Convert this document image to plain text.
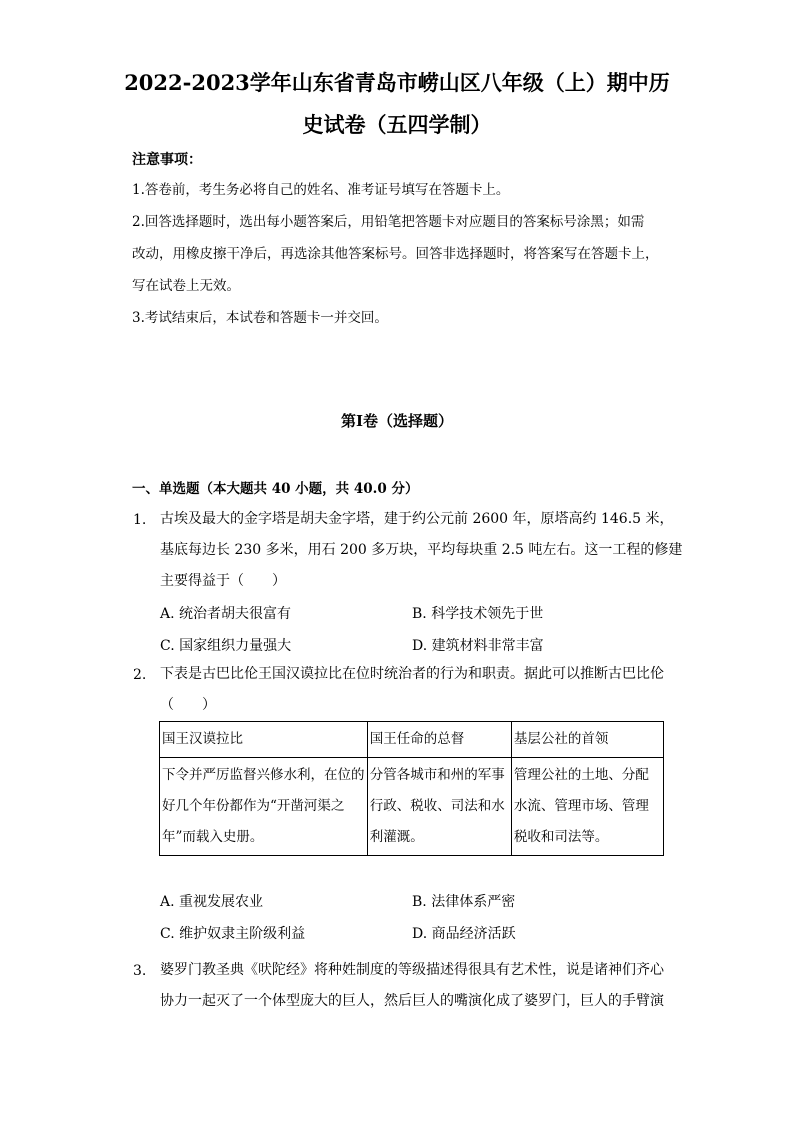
2022-2023学年山东省青岛市崂山区八年级（上）期中历
史试卷（五四学制）
注意事项：
1.答卷前，考生务必将自己的姓名、准考证号填写在答题卡上。
2.回答选择题时，选出每小题答案后，用铅笔把答题卡对应题目的答案标号涂黑；如需
改动，用橡皮擦干净后，再选涂其他答案标号。回答非选择题时，将答案写在答题卡上，
写在试卷上无效。
3.考试结束后，本试卷和答题卡一并交回。
第Ⅰ卷（选择题）
一、单选题（本大题共 40 小题，共 40.0 分）
1. 古埃及最大的金字塔是胡夫金字塔，建于约公元前 2600 年，原塔高约 146.5 米，
基底每边长 230 多米，用石 200 多万块，平均每块重 2.5 吨左右。这一工程的修建
主要得益于（　　）
A. 统治者胡夫很富有	B. 科学技术领先于世
C. 国家组织力量强大	D. 建筑材料非常丰富
2. 下表是古巴比伦王国汉谟拉比在位时统治者的行为和职责。据此可以推断古巴比伦
（　　）
国王汉谟拉比	国王任命的总督	基层公社的首领
下令并严厉监督兴修水利，在位的好几个年份都作为“开凿河渠之年”而载入史册。	分管各城市和州的军事行政、税收、司法和水利灌溉。	管理公社的土地、分配水流、管理市场、管理税收和司法等。
A. 重视发展农业	B. 法律体系严密
C. 维护奴隶主阶级利益	D. 商品经济活跃
3. 婆罗门教圣典《吠陀经》将种姓制度的等级描述得很具有艺术性，说是诸神们齐心
协力一起灭了一个体型庞大的巨人，然后巨人的嘴演化成了婆罗门，巨人的手臂演
